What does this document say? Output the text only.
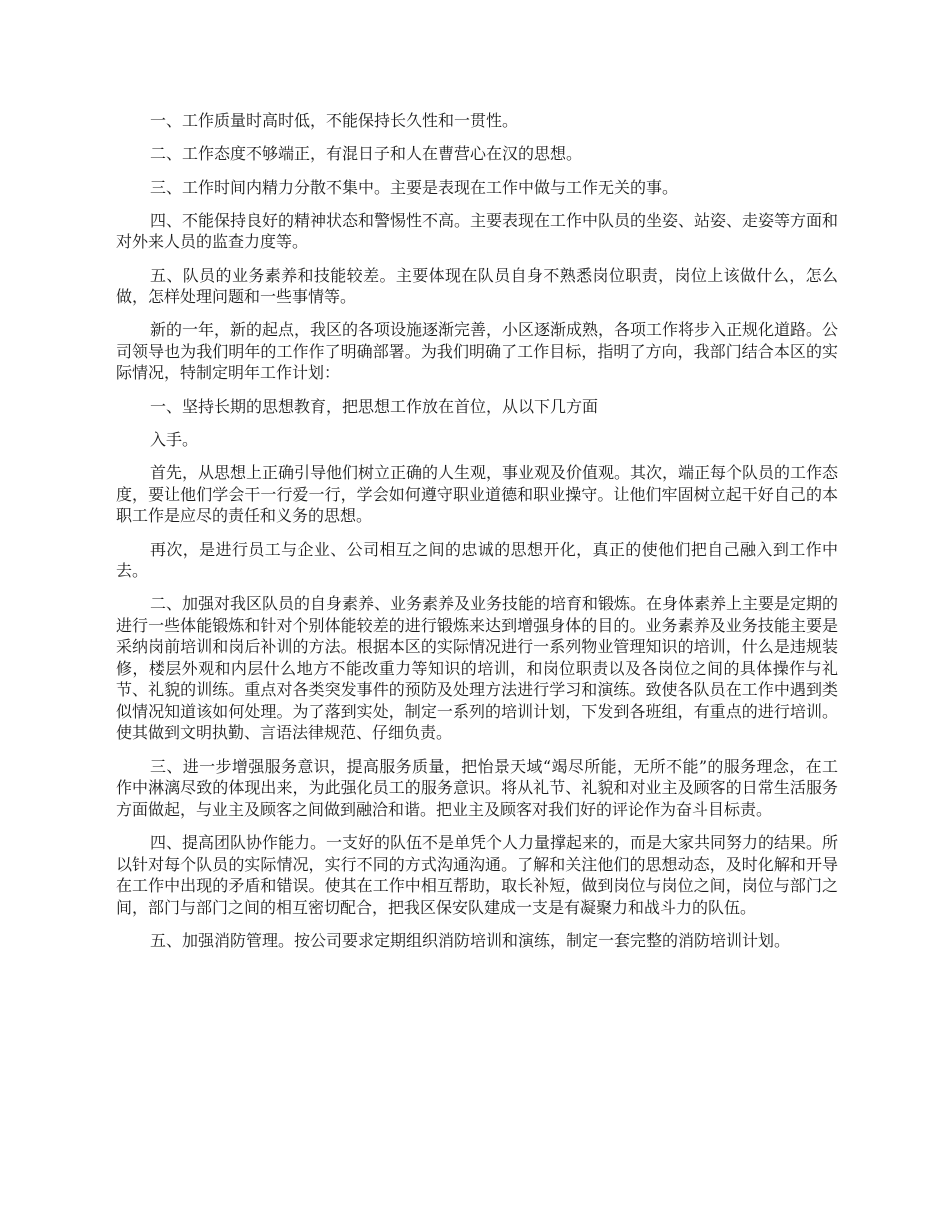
一、工作质量时高时低，不能保持长久性和一贯性。

二、工作态度不够端正，有混日子和人在曹营心在汉的思想。

三、工作时间内精力分散不集中。主要是表现在工作中做与工作无关的事。

四、不能保持良好的精神状态和警惕性不高。主要表现在工作中队员的坐姿、站姿、走姿等方面和对外来人员的监查力度等。

五、队员的业务素养和技能较差。主要体现在队员自身不熟悉岗位职责，岗位上该做什么，怎么做，怎样处理问题和一些事情等。

新的一年，新的起点，我区的各项设施逐渐完善，小区逐渐成熟，各项工作将步入正规化道路。公司领导也为我们明年的工作作了明确部署。为我们明确了工作目标，指明了方向，我部门结合本区的实际情况，特制定明年工作计划：

一、坚持长期的思想教育，把思想工作放在首位，从以下几方面

入手。

首先，从思想上正确引导他们树立正确的人生观，事业观及价值观。其次，端正每个队员的工作态度，要让他们学会干一行爱一行，学会如何遵守职业道德和职业操守。让他们牢固树立起干好自己的本职工作是应尽的责任和义务的思想。

再次，是进行员工与企业、公司相互之间的忠诚的思想开化，真正的使他们把自己融入到工作中去。

二、加强对我区队员的自身素养、业务素养及业务技能的培育和锻炼。在身体素养上主要是定期的进行一些体能锻炼和针对个别体能较差的进行锻炼来达到增强身体的目的。业务素养及业务技能主要是采纳岗前培训和岗后补训的方法。根据本区的实际情况进行一系列物业管理知识的培训，什么是违规装修，楼层外观和内层什么地方不能改重力等知识的培训，和岗位职责以及各岗位之间的具体操作与礼节、礼貌的训练。重点对各类突发事件的预防及处理方法进行学习和演练。致使各队员在工作中遇到类似情况知道该如何处理。为了落到实处，制定一系列的培训计划，下发到各班组，有重点的进行培训。使其做到文明执勤、言语法律规范、仔细负责。

三、进一步增强服务意识，提高服务质量，把怡景天域“竭尽所能，无所不能”的服务理念，在工作中淋漓尽致的体现出来，为此强化员工的服务意识。将从礼节、礼貌和对业主及顾客的日常生活服务方面做起，与业主及顾客之间做到融洽和谐。把业主及顾客对我们好的评论作为奋斗目标责。

四、提高团队协作能力。一支好的队伍不是单凭个人力量撑起来的，而是大家共同努力的结果。所以针对每个队员的实际情况，实行不同的方式沟通沟通。了解和关注他们的思想动态，及时化解和开导在工作中出现的矛盾和错误。使其在工作中相互帮助，取长补短，做到岗位与岗位之间，岗位与部门之间，部门与部门之间的相互密切配合，把我区保安队建成一支是有凝聚力和战斗力的队伍。

五、加强消防管理。按公司要求定期组织消防培训和演练，制定一套完整的消防培训计划。
